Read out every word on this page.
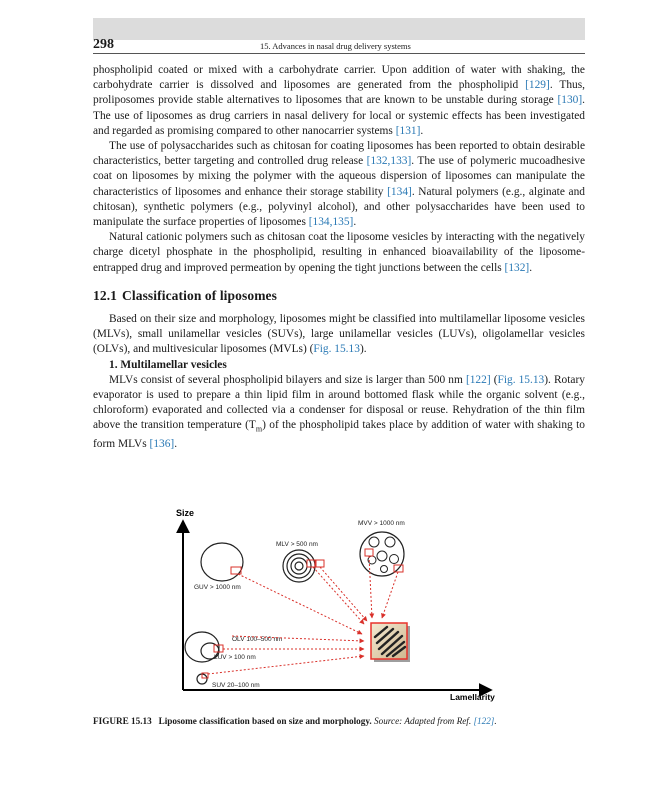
298	15. Advances in nasal drug delivery systems

phospholipid coated or mixed with a carbohydrate carrier. Upon addition of water with shaking, the carbohydrate carrier is dissolved and liposomes are generated from the phospholipid [129]. Thus, proliposomes provide stable alternatives to liposomes that are known to be unstable during storage [130]. The use of liposomes as drug carriers in nasal delivery for local or systemic effects has been investigated and regarded as promising compared to other nanocarrier systems [131].

The use of polysaccharides such as chitosan for coating liposomes has been reported to obtain desirable characteristics, better targeting and controlled drug release [132,133]. The use of polymeric mucoadhesive coat on liposomes by mixing the polymer with the aqueous dispersion of liposomes can manipulate the characteristics of liposomes and enhance their storage stability [134]. Natural polymers (e.g., alginate and chitosan), synthetic polymers (e.g., polyvinyl alcohol), and other polysaccharides have been used to manipulate the surface properties of liposomes [134,135].

Natural cationic polymers such as chitosan coat the liposome vesicles by interacting with the negatively charge dicetyl phosphate in the phospholipid, resulting in enhanced bioavailability of the liposome-entrapped drug and improved permeation by opening the tight junctions between the cells [132].

12.1 Classification of liposomes

Based on their size and morphology, liposomes might be classified into multilamellar liposome vesicles (MLVs), small unilamellar vesicles (SUVs), large unilamellar vesicles (LUVs), oligolamellar vesicles (OLVs), and multivesicular liposomes (MVLs) (Fig. 15.13).

1. Multilamellar vesicles

MLVs consist of several phospholipid bilayers and size is larger than 500 nm [122] (Fig. 15.13). Rotary evaporator is used to prepare a thin lipid film in around bottomed flask while the organic solvent (e.g., chloroform) evaporated and collected via a condenser for disposal or reuse. Rehydration of the thin film above the transition temperature $(T_m)$ of the phospholipid takes place by addition of water with shaking to form MLVs [136].

Size
Lamellarity
GUV > 1000 nm
MLV > 500 nm
MVV > 1000 nm
OLV 100–500 nm
LUV > 100 nm
SUV 20–100 nm
FIGURE 15.13 Liposome classification based on size and morphology. Source: Adapted from Ref. [122].
